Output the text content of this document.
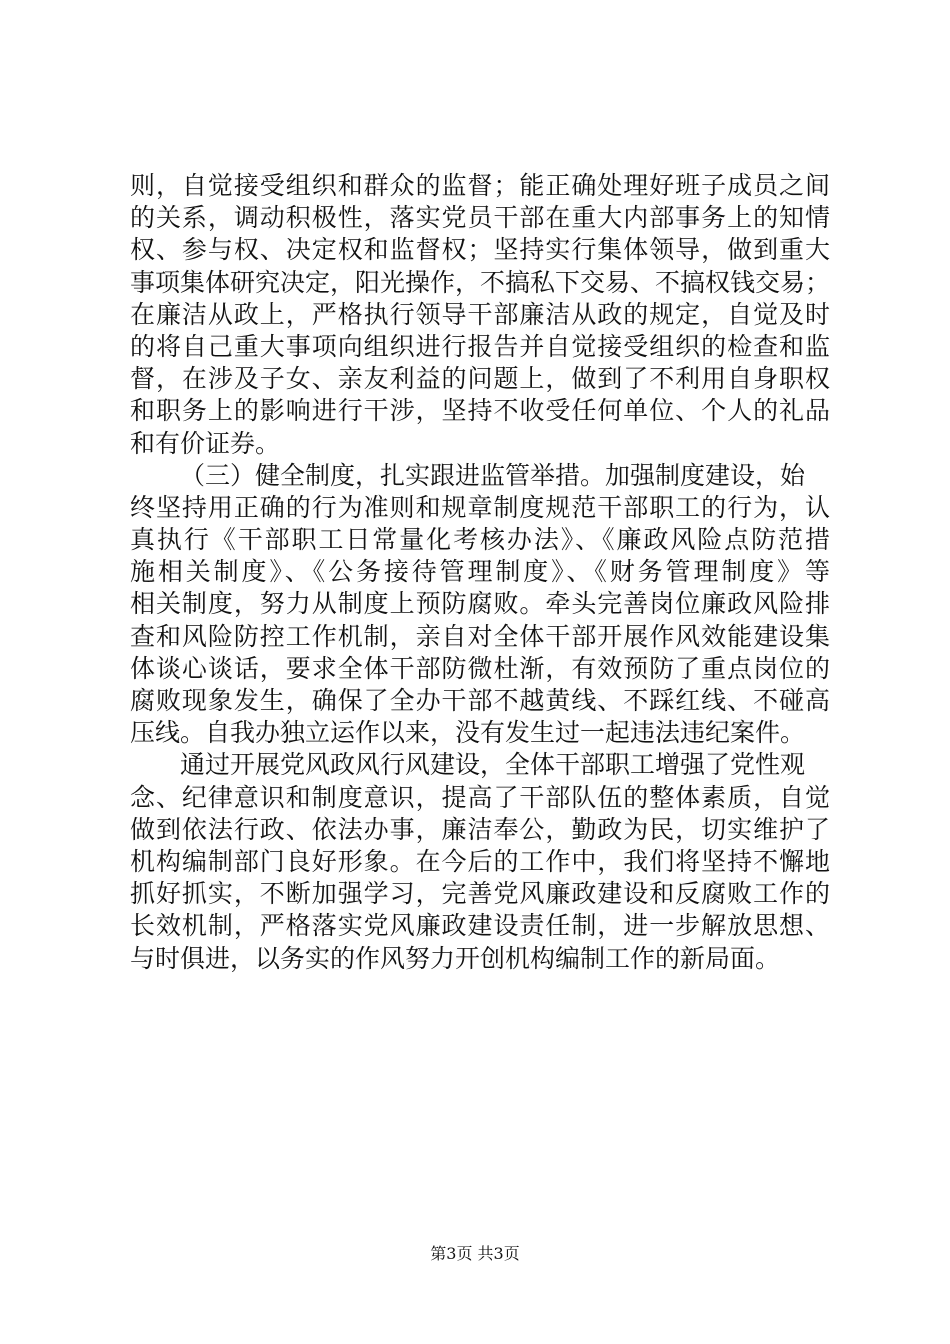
则，自觉接受组织和群众的监督；能正确处理好班子成员之间
的关系，调动积极性，落实党员干部在重大内部事务上的知情
权、参与权、决定权和监督权；坚持实行集体领导，做到重大
事项集体研究决定，阳光操作，不搞私下交易、不搞权钱交易；
在廉洁从政上，严格执行领导干部廉洁从政的规定，自觉及时
的将自己重大事项向组织进行报告并自觉接受组织的检查和监
督，在涉及子女、亲友利益的问题上，做到了不利用自身职权
和职务上的影响进行干涉，坚持不收受任何单位、个人的礼品
和有价证券。
（三）健全制度，扎实跟进监管举措。加强制度建设，始
终坚持用正确的行为准则和规章制度规范干部职工的行为，认
真执行《干部职工日常量化考核办法》、《廉政风险点防范措
施相关制度》、《公务接待管理制度》、《财务管理制度》等
相关制度，努力从制度上预防腐败。牵头完善岗位廉政风险排
查和风险防控工作机制，亲自对全体干部开展作风效能建设集
体谈心谈话，要求全体干部防微杜渐，有效预防了重点岗位的
腐败现象发生，确保了全办干部不越黄线、不踩红线、不碰高
压线。自我办独立运作以来，没有发生过一起违法违纪案件。
通过开展党风政风行风建设，全体干部职工增强了党性观
念、纪律意识和制度意识，提高了干部队伍的整体素质，自觉
做到依法行政、依法办事，廉洁奉公，勤政为民，切实维护了
机构编制部门良好形象。在今后的工作中，我们将坚持不懈地
抓好抓实，不断加强学习，完善党风廉政建设和反腐败工作的
长效机制，严格落实党风廉政建设责任制，进一步解放思想、
与时俱进，以务实的作风努力开创机构编制工作的新局面。
第3页 共3页
